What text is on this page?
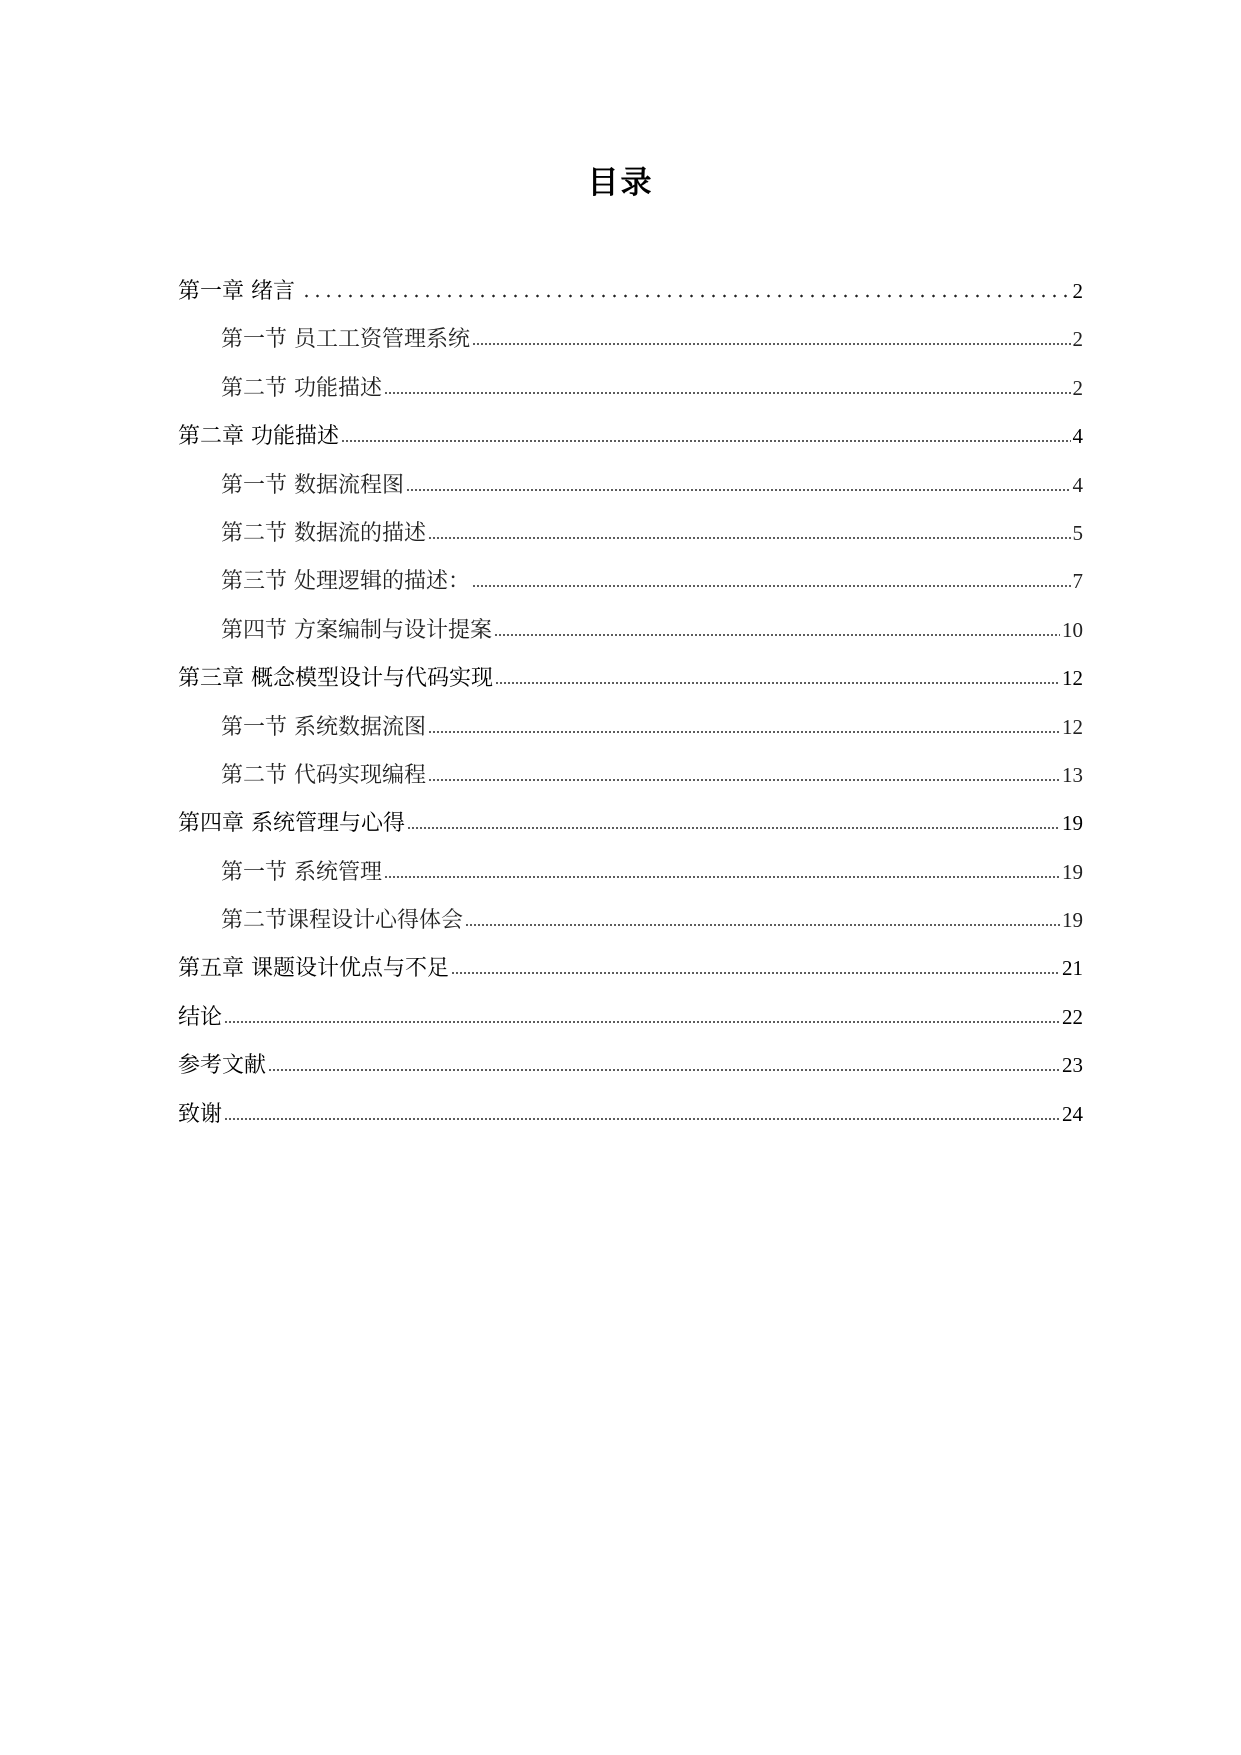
目录
第一章 绪言	2
第一节 员工工资管理系统	2
第二节 功能描述	2
第二章 功能描述	4
第一节 数据流程图	4
第二节 数据流的描述	5
第三节 处理逻辑的描述：	7
第四节 方案编制与设计提案	10
第三章 概念模型设计与代码实现	12
第一节 系统数据流图	12
第二节 代码实现编程	13
第四章 系统管理与心得	19
第一节 系统管理	19
第二节课程设计心得体会	19
第五章 课题设计优点与不足	21
结论	22
参考文献	23
致谢	24
